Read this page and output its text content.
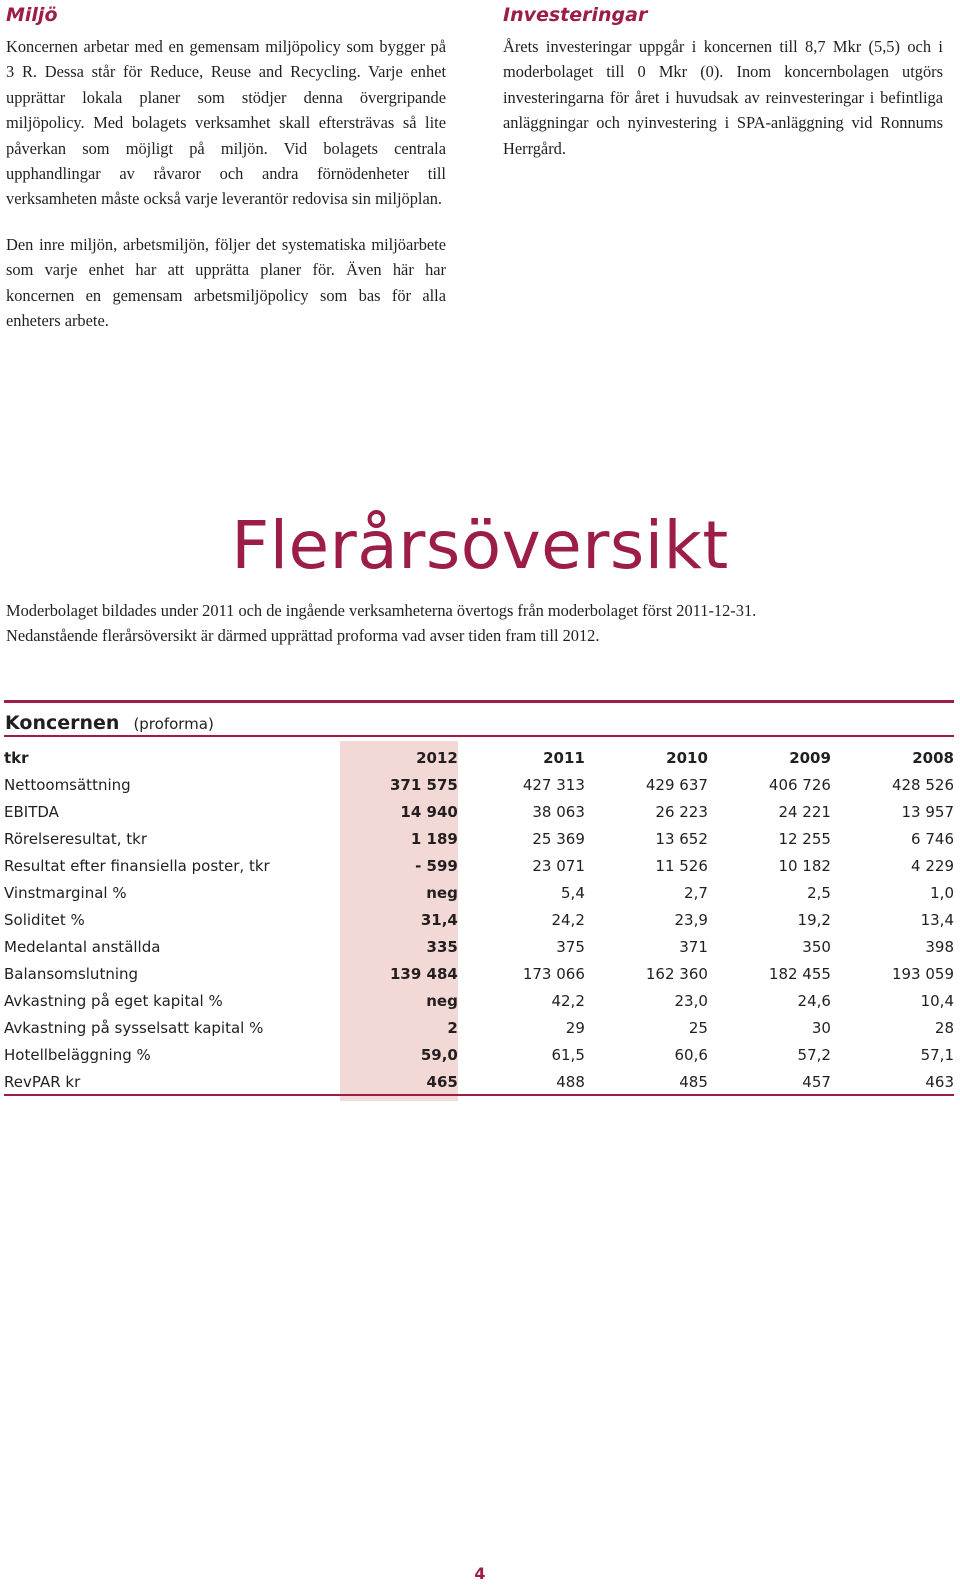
Miljö

Koncernen arbetar med en gemensam miljöpolicy som bygger på 3 R. Dessa står för Reduce, Reuse and Recycling. Varje enhet upprättar lokala planer som stödjer denna övergripande miljöpolicy. Med bolagets verksamhet skall eftersträvas så lite påverkan som möjligt på miljön. Vid bolagets centrala upphandlingar av råvaror och andra förnödenheter till verksamheten måste också varje leverantör redovisa sin miljöplan.

Den inre miljön, arbetsmiljön, följer det systematiska miljöarbete som varje enhet har att upprätta planer för. Även här har koncernen en gemensam arbetsmiljöpolicy som bas för alla enheters arbete.

Investeringar

Årets investeringar uppgår i koncernen till 8,7 Mkr (5,5) och i moderbolaget till 0 Mkr (0). Inom koncernbolagen utgörs investeringarna för året i huvudsak av reinvesteringar i befintliga anläggningar och nyinvestering i SPA-anläggning vid Ronnums Herrgård.

Flerårsöversikt

Moderbolaget bildades under 2011 och de ingående verksamheterna övertogs från moderbolaget först 2011-12-31.

Nedanstående flerårsöversikt är därmed upprättad proforma vad avser tiden fram till 2012.

Koncernen (proforma)
tkr	2012	2011	2010	2009	2008
Nettoomsättning	371 575	427 313	429 637	406 726	428 526
EBITDA	14 940	38 063	26 223	24 221	13 957
Rörelseresultat, tkr	1 189	25 369	13 652	12 255	6 746
Resultat efter finansiella poster, tkr	- 599	23 071	11 526	10 182	4 229
Vinstmarginal %	neg	5,4	2,7	2,5	1,0
Soliditet %	31,4	24,2	23,9	19,2	13,4
Medelantal anställda	335	375	371	350	398
Balansomslutning	139 484	173 066	162 360	182 455	193 059
Avkastning på eget kapital %	neg	42,2	23,0	24,6	10,4
Avkastning på sysselsatt kapital %	2	29	25	30	28
Hotellbeläggning %	59,0	61,5	60,6	57,2	57,1
RevPAR kr	465	488	485	457	463
4
